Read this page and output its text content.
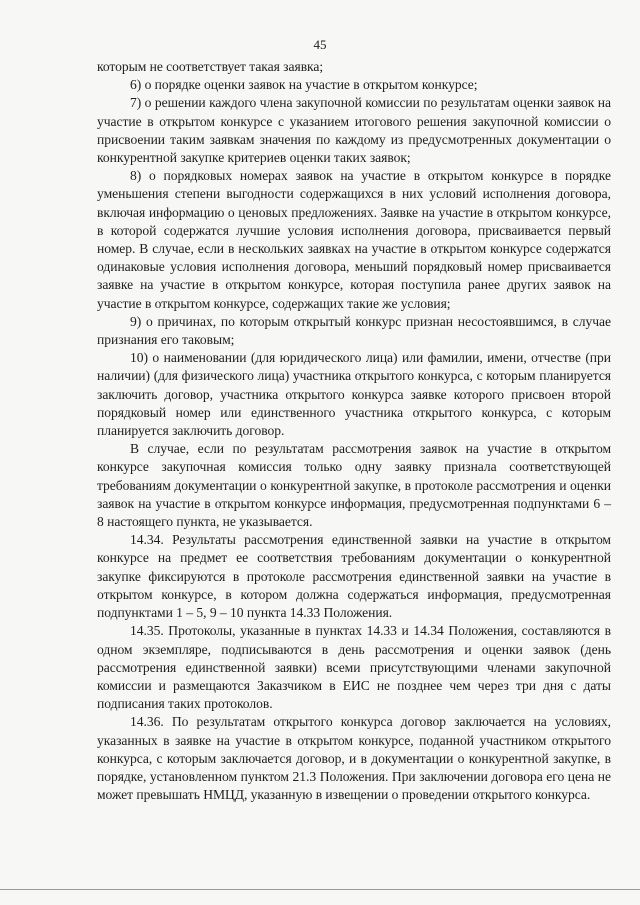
45

которым не соответствует такая заявка;

6) о порядке оценки заявок на участие в открытом конкурсе;

7) о решении каждого члена закупочной комиссии по результатам оценки заявок на участие в открытом конкурсе с указанием итогового решения закупочной комиссии о присвоении таким заявкам значения по каждому из предусмотренных документации о конкурентной закупке критериев оценки таких заявок;

8) о порядковых номерах заявок на участие в открытом конкурсе в порядке уменьшения степени выгодности содержащихся в них условий исполнения договора, включая информацию о ценовых предложениях. Заявке на участие в открытом конкурсе, в которой содержатся лучшие условия исполнения договора, присваивается первый номер. В случае, если в нескольких заявках на участие в открытом конкурсе содержатся одинаковые условия исполнения договора, меньший порядковый номер присваивается заявке на участие в открытом конкурсе, которая поступила ранее других заявок на участие в открытом конкурсе, содержащих такие же условия;

9) о причинах, по которым открытый конкурс признан несостоявшимся, в случае признания его таковым;

10) о наименовании (для юридического лица) или фамилии, имени, отчестве (при наличии) (для физического лица) участника открытого конкурса, с которым планируется заключить договор, участника открытого конкурса заявке которого присвоен второй порядковый номер или единственного участника открытого конкурса, с которым планируется заключить договор.

В случае, если по результатам рассмотрения заявок на участие в открытом конкурсе закупочная комиссия только одну заявку признала соответствующей требованиям документации о конкурентной закупке, в протоколе рассмотрения и оценки заявок на участие в открытом конкурсе информация, предусмотренная подпунктами 6 – 8 настоящего пункта, не указывается.

14.34. Результаты рассмотрения единственной заявки на участие в открытом конкурсе на предмет ее соответствия требованиям документации о конкурентной закупке фиксируются в протоколе рассмотрения единственной заявки на участие в открытом конкурсе, в котором должна содержаться информация, предусмотренная подпунктами 1 – 5, 9 – 10 пункта 14.33 Положения.

14.35. Протоколы, указанные в пунктах 14.33 и 14.34 Положения, составляются в одном экземпляре, подписываются в день рассмотрения и оценки заявок (день рассмотрения единственной заявки) всеми присутствующими членами закупочной комиссии и размещаются Заказчиком в ЕИС не позднее чем через три дня с даты подписания таких протоколов.

14.36. По результатам открытого конкурса договор заключается на условиях, указанных в заявке на участие в открытом конкурсе, поданной участником открытого конкурса, с которым заключается договор, и в документации о конкурентной закупке, в порядке, установленном пунктом 21.3 Положения. При заключении договора его цена не может превышать НМЦД, указанную в извещении о проведении открытого конкурса.
